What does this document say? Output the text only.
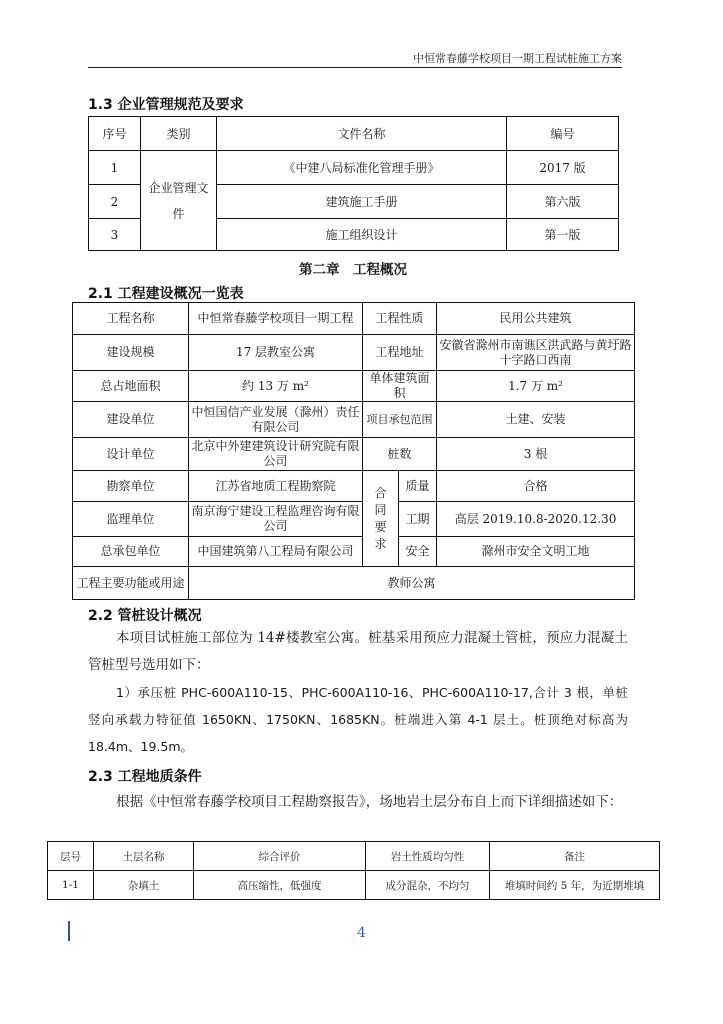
中恒常春藤学校项目一期工程试桩施工方案
1.3 企业管理规范及要求
序号	类别	文件名称	编号
1	企业管理文件	《中建八局标准化管理手册》	2017 版
2		建筑施工手册	第六版
3		施工组织设计	第一版
第二章　工程概况
2.1 工程建设概况一览表
工程名称	中恒常春藤学校项目一期工程	工程性质		民用公共建筑
建设规模	17 层教室公寓	工程地址		安徽省滁州市南谯区洪武路与黄圩路十字路口西南
总占地面积	约 13 万 m²	单体建筑面积		1.7 万 m²
建设单位	中恒国信产业发展（滁州）责任有限公司	项目承包范围		土建、安装
设计单位	北京中外建建筑设计研究院有限公司	桩数		3 根
勘察单位	江苏省地质工程勘察院	合同要求	质量	合格
监理单位	南京海宁建设工程监理咨询有限公司		工期	高层 2019.10.8-2020.12.30
总承包单位	中国建筑第八工程局有限公司		安全	滁州市安全文明工地
工程主要功能或用途	教师公寓			
2.2 管桩设计概况
本项目试桩施工部位为 14#楼教室公寓。桩基采用预应力混凝土管桩，预应力混凝土管桩型号选用如下：
1）承压桩 PHC-600A110-15、PHC-600A110-16、PHC-600A110-17,合计 3 根，单桩竖向承载力特征值 1650KN、1750KN、1685KN。桩端进入第 4-1 层土。桩顶绝对标高为 18.4m、19.5m。
2.3 工程地质条件
根据《中恒常春藤学校项目工程勘察报告》，场地岩土层分布自上而下详细描述如下：
层号	土层名称	综合评价	岩土性质均匀性	备注
1-1	杂填土	高压缩性，低强度	成分混杂，不均匀	堆填时间约 5 年，为近期堆填
4
